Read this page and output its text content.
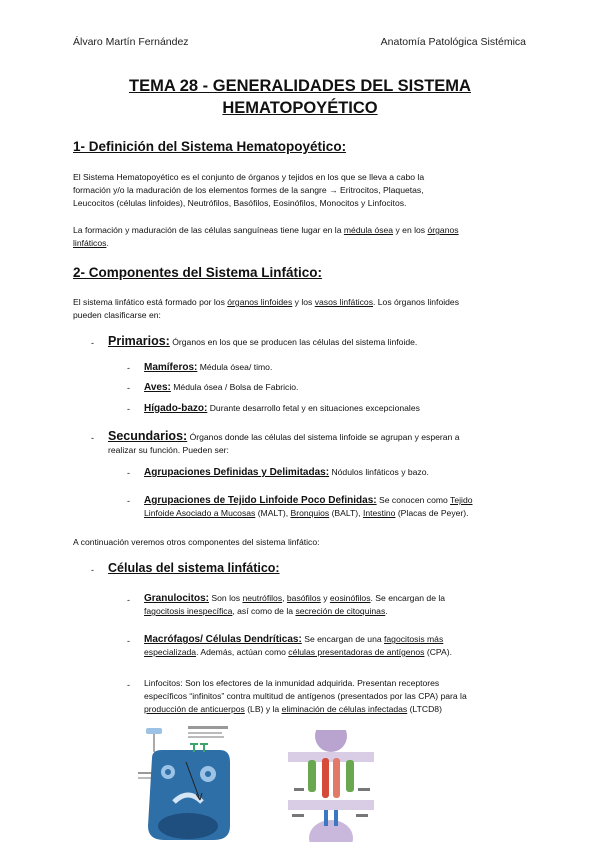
Álvaro Martín Fernández	Anatomía Patológica Sistémica
TEMA 28 - GENERALIDADES DEL SISTEMA
HEMATOPOYÉTICO
1- Definición del Sistema Hematopoyético:
El Sistema Hematopoyético es el conjunto de órganos y tejidos en los que se lleva a cabo la
formación y/o la maduración de los elementos formes de la sangre → Eritrocitos, Plaquetas,
Leucocitos (células linfoides), Neutrófilos, Basófilos, Eosinófilos, Monocitos y Linfocitos.
La formación y maduración de las células sanguíneas tiene lugar en la médula ósea y en los órganos
linfáticos.
2- Componentes del Sistema Linfático:
El sistema linfático está formado por los órganos linfoides y los vasos linfáticos. Los órganos linfoides
pueden clasificarse en:
- Primarios: Órganos en los que se producen las células del sistema linfoide.
- Mamíferos: Médula ósea/ timo.
- Aves: Médula ósea / Bolsa de Fabricio.
- Hígado-bazo: Durante desarrollo fetal y en situaciones excepcionales
- Secundarios: Órganos donde las células del sistema linfoide se agrupan y esperan a
realizar su función. Pueden ser:
- Agrupaciones Definidas y Delimitadas: Nódulos linfáticos y bazo.
- Agrupaciones de Tejido Linfoide Poco Definidas: Se conocen como Tejido
Linfoide Asociado a Mucosas (MALT), Bronquios (BALT), Intestino (Placas de Peyer).
A continuación veremos otros componentes del sistema linfático:
- Células del sistema linfático:
- Granulocitos: Son los neutrófilos, basófilos y eosinófilos. Se encargan de la
fagocitosis inespecífica, así como de la secreción de citoquinas.
- Macrófagos/ Células Dendríticas: Se encargan de una fagocitosis más
especializada. Además, actúan como células presentadoras de antígenos (CPA).
- Linfocitos: Son los efectores de la inmunidad adquirida. Presentan receptores
específicos “infinitos” contra multitud de antígenos (presentados por las CPA) para la
producción de anticuerpos (LB) y la eliminación de células infectadas (LTCD8)
